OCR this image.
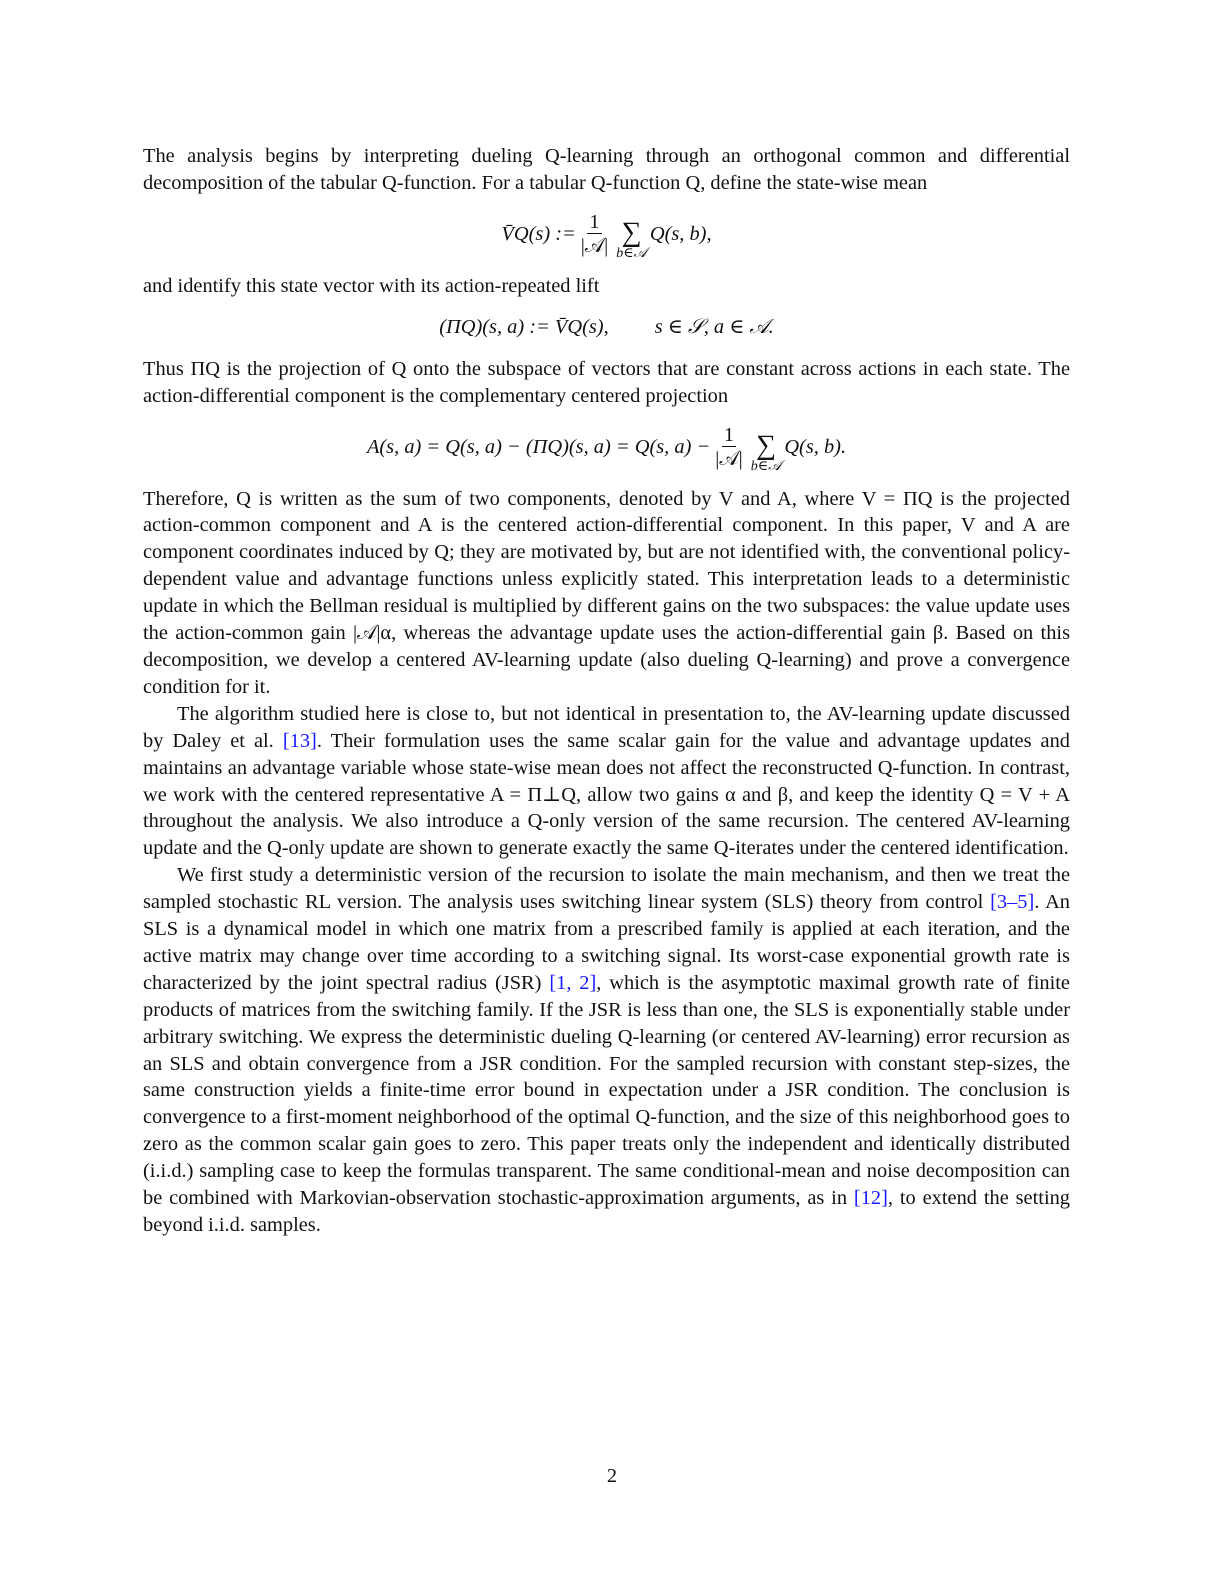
The analysis begins by interpreting dueling Q-learning through an orthogonal common and differential decomposition of the tabular Q-function. For a tabular Q-function Q, define the state-wise mean

V̄Q(s) := $\frac{1}{\text{|𝒜|}}$ ∑
b∈𝒜
Q(s, b),

and identify this state vector with its action-repeated lift

(ΠQ)(s, a) := V̄Q(s), s ∈ 𝒮, a ∈ 𝒜.

Thus ΠQ is the projection of Q onto the subspace of vectors that are constant across actions in each state. The action-differential component is the complementary centered projection

A(s, a) = Q(s, a) − (ΠQ)(s, a) = Q(s, $a) - \frac{1}{\text{|𝒜|}}$ ∑
b∈𝒜
Q(s, b).

Therefore, Q is written as the sum of two components, denoted by V and A, where V = ΠQ is the projected action-common component and A is the centered action-differential component. In this paper, V and A are component coordinates induced by Q; they are motivated by, but are not identified with, the conventional policy-dependent value and advantage functions unless explicitly stated. This interpretation leads to a deterministic update in which the Bellman residual is multiplied by different gains on the two subspaces: the value update uses the action-common gain |𝒜|α, whereas the advantage update uses the action-differential gain β. Based on this decomposition, we develop a centered AV-learning update (also dueling Q-learning) and prove a convergence condition for it.

The algorithm studied here is close to, but not identical in presentation to, the AV-learning update discussed by Daley et al. [13]. Their formulation uses the same scalar gain for the value and advantage updates and maintains an advantage variable whose state-wise mean does not affect the reconstructed Q-function. In contrast, we work with the centered representative A = Π⊥Q, allow two gains α and β, and keep the identity Q = V + A throughout the analysis. We also introduce a Q-only version of the same recursion. The centered AV-learning update and the Q-only update are shown to generate exactly the same Q-iterates under the centered identification.

We first study a deterministic version of the recursion to isolate the main mechanism, and then we treat the sampled stochastic RL version. The analysis uses switching linear system (SLS) theory from control [3–5]. An SLS is a dynamical model in which one matrix from a prescribed family is applied at each iteration, and the active matrix may change over time according to a switching signal. Its worst-case exponential growth rate is characterized by the joint spectral radius (JSR) [1, 2], which is the asymptotic maximal growth rate of finite products of matrices from the switching family. If the JSR is less than one, the SLS is exponentially stable under arbitrary switching. We express the deterministic dueling Q-learning (or centered AV-learning) error recursion as an SLS and obtain convergence from a JSR condition. For the sampled recursion with constant step-sizes, the same construction yields a finite-time error bound in expectation under a JSR condition. The conclusion is convergence to a first-moment neighborhood of the optimal Q-function, and the size of this neighborhood goes to zero as the common scalar gain goes to zero. This paper treats only the independent and identically distributed (i.i.d.) sampling case to keep the formulas transparent. The same conditional-mean and noise decomposition can be combined with Markovian-observation stochastic-approximation arguments, as in [12], to extend the setting beyond i.i.d. samples.

2
